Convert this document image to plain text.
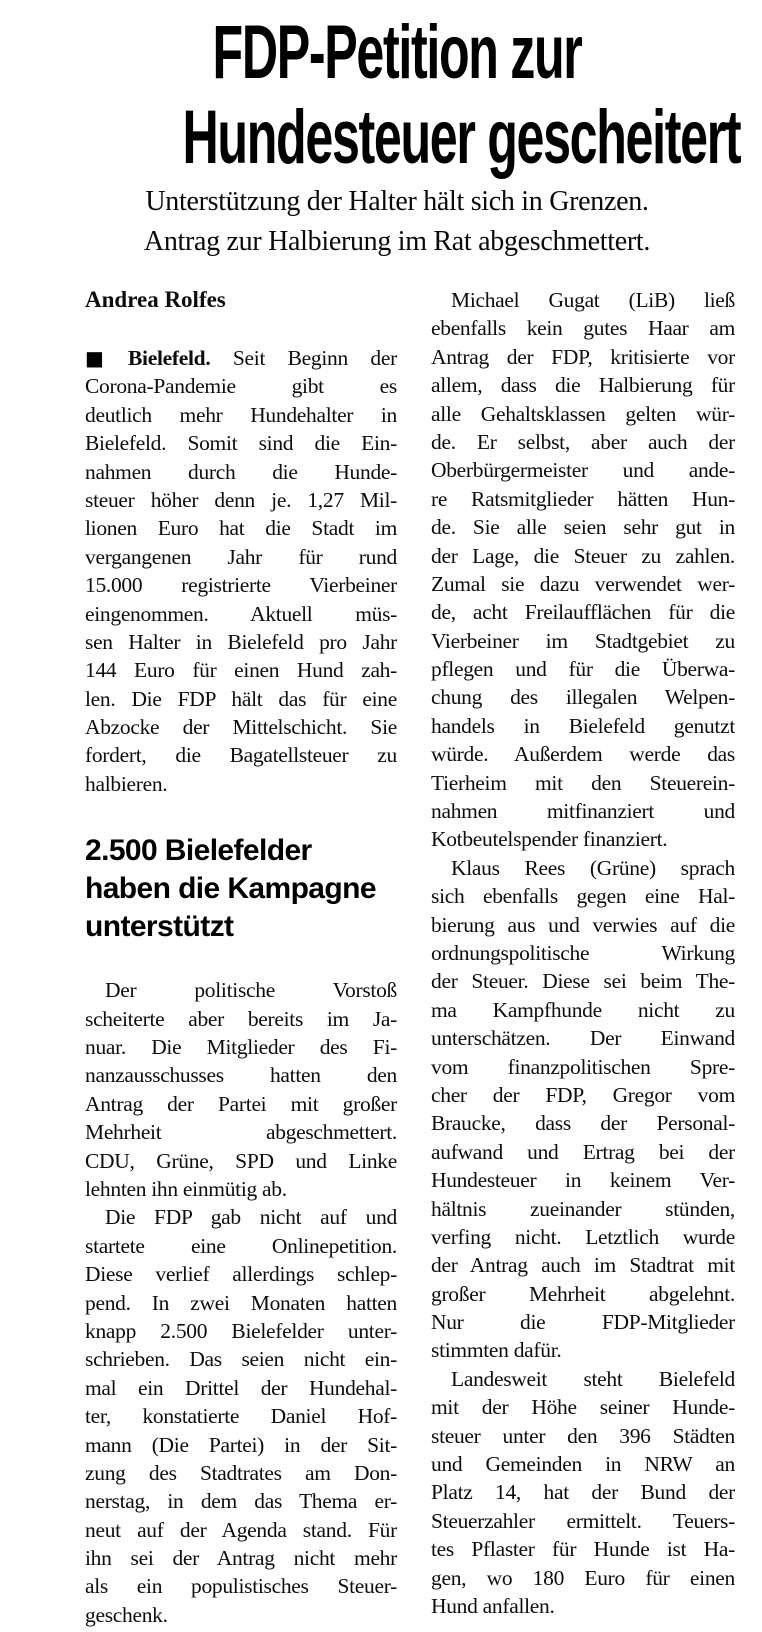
FDP-Petition zur
Hundesteuer gescheitert
Unterstützung der Halter hält sich in Grenzen.
Antrag zur Halbierung im Rat abgeschmettert.
Andrea Rolfes
■ Bielefeld. Seit Beginn der
Corona-Pandemie gibt es
deutlich mehr Hundehalter in
Bielefeld. Somit sind die Ein-
nahmen durch die Hunde-
steuer höher denn je. 1,27 Mil-
lionen Euro hat die Stadt im
vergangenen Jahr für rund
15.000 registrierte Vierbeiner
eingenommen. Aktuell müs-
sen Halter in Bielefeld pro Jahr
144 Euro für einen Hund zah-
len. Die FDP hält das für eine
Abzocke der Mittelschicht. Sie
fordert, die Bagatellsteuer zu
halbieren.
2.500 Bielefelder
haben die Kampagne
unterstützt
Der politische Vorstoß
scheiterte aber bereits im Ja-
nuar. Die Mitglieder des Fi-
nanzausschusses hatten den
Antrag der Partei mit großer
Mehrheit abgeschmettert.
CDU, Grüne, SPD und Linke
lehnten ihn einmütig ab.
Die FDP gab nicht auf und
startete eine Onlinepetition.
Diese verlief allerdings schlep-
pend. In zwei Monaten hatten
knapp 2.500 Bielefelder unter-
schrieben. Das seien nicht ein-
mal ein Drittel der Hundehal-
ter, konstatierte Daniel Hof-
mann (Die Partei) in der Sit-
zung des Stadtrates am Don-
nerstag, in dem das Thema er-
neut auf der Agenda stand. Für
ihn sei der Antrag nicht mehr
als ein populistisches Steuer-
geschenk.
Michael Gugat (LiB) ließ
ebenfalls kein gutes Haar am
Antrag der FDP, kritisierte vor
allem, dass die Halbierung für
alle Gehaltsklassen gelten wür-
de. Er selbst, aber auch der
Oberbürgermeister und ande-
re Ratsmitglieder hätten Hun-
de. Sie alle seien sehr gut in
der Lage, die Steuer zu zahlen.
Zumal sie dazu verwendet wer-
de, acht Freilaufflächen für die
Vierbeiner im Stadtgebiet zu
pflegen und für die Überwa-
chung des illegalen Welpen-
handels in Bielefeld genutzt
würde. Außerdem werde das
Tierheim mit den Steuerein-
nahmen mitfinanziert und
Kotbeutelspender finanziert.
Klaus Rees (Grüne) sprach
sich ebenfalls gegen eine Hal-
bierung aus und verwies auf die
ordnungspolitische Wirkung
der Steuer. Diese sei beim The-
ma Kampfhunde nicht zu
unterschätzen. Der Einwand
vom finanzpolitischen Spre-
cher der FDP, Gregor vom
Braucke, dass der Personal-
aufwand und Ertrag bei der
Hundesteuer in keinem Ver-
hältnis zueinander stünden,
verfing nicht. Letztlich wurde
der Antrag auch im Stadtrat mit
großer Mehrheit abgelehnt.
Nur die FDP-Mitglieder
stimmten dafür.
Landesweit steht Bielefeld
mit der Höhe seiner Hunde-
steuer unter den 396 Städten
und Gemeinden in NRW an
Platz 14, hat der Bund der
Steuerzahler ermittelt. Teuers-
tes Pflaster für Hunde ist Ha-
gen, wo 180 Euro für einen
Hund anfallen.
